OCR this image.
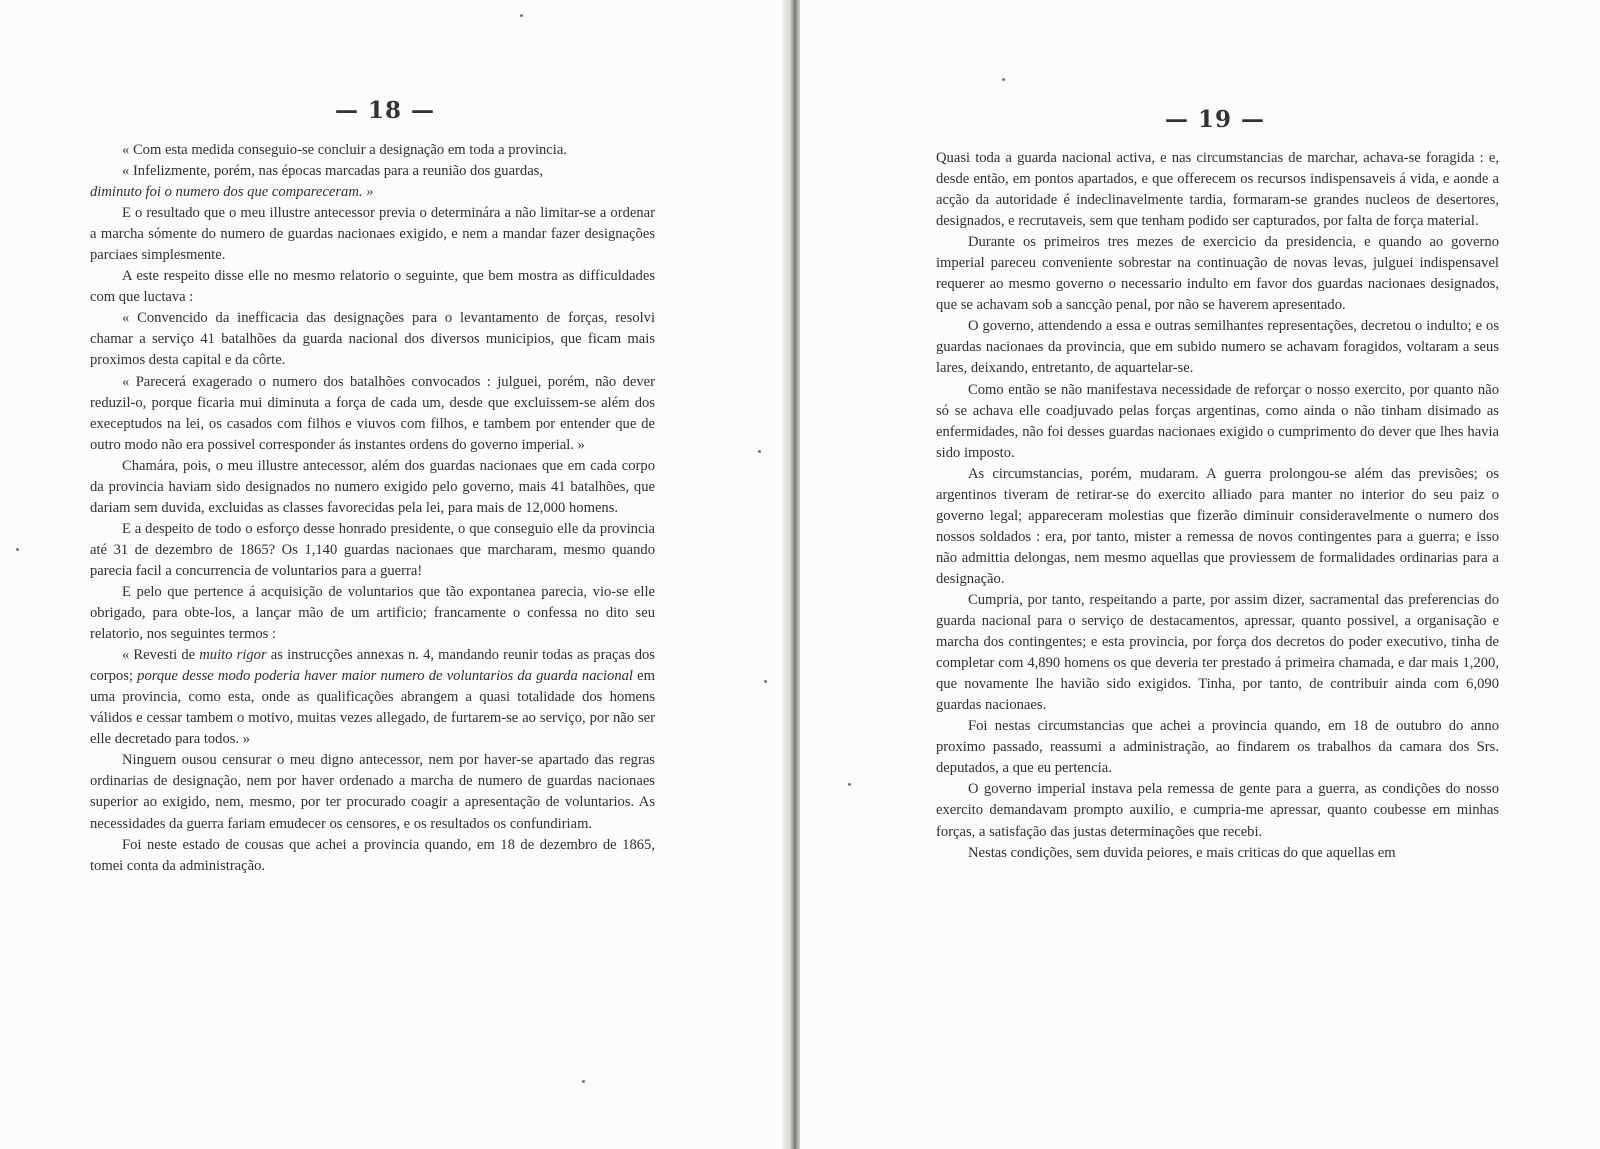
— 18 —

« Com esta medida conseguio-se concluir a designação em toda a provincia.

« Infelizmente, porém, nas épocas marcadas para a reunião dos guardas,

diminuto foi o numero dos que compareceram. »

E o resultado que o meu illustre antecessor previa o determinára a não limitar-se a ordenar a marcha sómente do numero de guardas nacionaes exigido, e nem a mandar fazer designações parciaes simplesmente.

A este respeito disse elle no mesmo relatorio o seguinte, que bem mostra as difficuldades com que luctava :

« Convencido da inefficacia das designações para o levantamento de forças, resolvi chamar a serviço 41 batalhões da guarda nacional dos diversos municipios, que ficam mais proximos desta capital e da côrte.

« Parecerá exagerado o numero dos batalhões convocados : julguei, porém, não dever reduzil-o, porque ficaria mui diminuta a força de cada um, desde que excluissem-se além dos execeptudos na lei, os casados com filhos e viuvos com filhos, e tambem por entender que de outro modo não era possivel corresponder ás instantes ordens do governo imperial. »

Chamára, pois, o meu illustre antecessor, além dos guardas nacionaes que em cada corpo da provincia haviam sido designados no numero exigido pelo governo, mais 41 batalhões, que dariam sem duvida, excluidas as classes favorecidas pela lei, para mais de 12,000 homens.

E a despeito de todo o esforço desse honrado presidente, o que conseguio elle da provincia até 31 de dezembro de 1865? Os 1,140 guardas nacionaes que marcharam, mesmo quando parecia facil a concurrencia de voluntarios para a guerra!

E pelo que pertence á acquisição de voluntarios que tão expontanea parecia, vio-se elle obrigado, para obte-los, a lançar mão de um artificio; francamente o confessa no dito seu relatorio, nos seguintes termos :

« Revesti de muito rigor as instrucções annexas n. 4, mandando reunir todas as praças dos corpos; porque desse modo poderia haver maior numero de voluntarios da guarda nacional em uma provincia, como esta, onde as qualificações abrangem a quasi totalidade dos homens válidos e cessar tambem o motivo, muitas vezes allegado, de furtarem-se ao serviço, por não ser elle decretado para todos. »

Ninguem ousou censurar o meu digno antecessor, nem por haver-se apartado das regras ordinarias de designação, nem por haver ordenado a marcha de numero de guardas nacionaes superior ao exigido, nem, mesmo, por ter procurado coagir a apresentação de voluntarios. As necessidades da guerra fariam emudecer os censores, e os resultados os confundiriam.

Foi neste estado de cousas que achei a provincia quando, em 18 de dezembro de 1865, tomei conta da administração.

— 19 —

Quasi toda a guarda nacional activa, e nas circumstancias de marchar, achava-se foragida : e, desde então, em pontos apartados, e que offerecem os recursos indispensaveis á vida, e aonde a acção da autoridade é indeclinavelmente tardia, formaram-se grandes nucleos de desertores, designados, e recrutaveis, sem que tenham podido ser capturados, por falta de força material.

Durante os primeiros tres mezes de exercicio da presidencia, e quando ao governo imperial pareceu conveniente sobrestar na continuação de novas levas, julguei indispensavel requerer ao mesmo governo o necessario indulto em favor dos guardas nacionaes designados, que se achavam sob a sancção penal, por não se haverem apresentado.

O governo, attendendo a essa e outras semilhantes representações, decretou o indulto; e os guardas nacionaes da provincia, que em subido numero se achavam foragidos, voltaram a seus lares, deixando, entretanto, de aquartelar-se.

Como então se não manifestava necessidade de reforçar o nosso exercito, por quanto não só se achava elle coadjuvado pelas forças argentinas, como ainda o não tinham disimado as enfermidades, não foi desses guardas nacionaes exigido o cumprimento do dever que lhes havia sido imposto.

As circumstancias, porém, mudaram. A guerra prolongou-se além das previsões; os argentinos tiveram de retirar-se do exercito alliado para manter no interior do seu paiz o governo legal; appareceram molestias que fizerão diminuir consideravelmente o numero dos nossos soldados : era, por tanto, mister a remessa de novos contingentes para a guerra; e isso não admittia delongas, nem mesmo aquellas que proviessem de formalidades ordinarias para a designação.

Cumpria, por tanto, respeitando a parte, por assim dizer, sacramental das preferencias do guarda nacional para o serviço de destacamentos, apressar, quanto possivel, a organisação e marcha dos contingentes; e esta provincia, por força dos decretos do poder executivo, tinha de completar com 4,890 homens os que deveria ter prestado á primeira chamada, e dar mais 1,200, que novamente lhe havião sido exigidos. Tinha, por tanto, de contribuir ainda com 6,090 guardas nacionaes.

Foi nestas circumstancias que achei a provincia quando, em 18 de outubro do anno proximo passado, reassumi a administração, ao findarem os trabalhos da camara dos Srs. deputados, a que eu pertencia.

O governo imperial instava pela remessa de gente para a guerra, as condições do nosso exercito demandavam prompto auxilio, e cumpria-me apressar, quanto coubesse em minhas forças, a satisfação das justas determinações que recebi.

Nestas condições, sem duvida peiores, e mais criticas do que aquellas em
